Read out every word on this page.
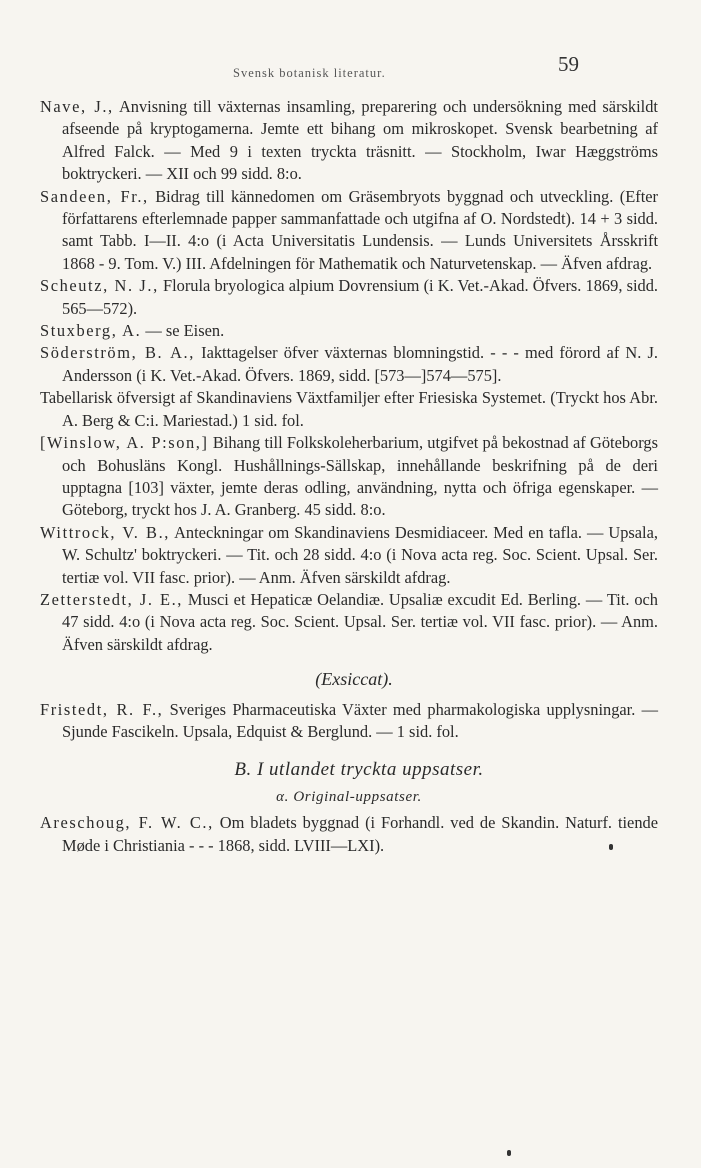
Svensk botanisk literatur.	59

Nave, J., Anvisning till växternas insamling, preparering och undersökning med särskildt afseende på kryptogamerna. Jemte ett bihang om mikroskopet. Svensk bearbetning af Alfred Falck. — Med 9 i texten tryckta träsnitt. — Stockholm, Iwar Hæggströms boktryckeri. — XII och 99 sidd. 8:o.

Sandeen, Fr., Bidrag till kännedomen om Gräsembryots byggnad och utveckling. (Efter författarens efterlemnade papper sammanfattade och utgifna af O. Nordstedt). 14 + 3 sidd. samt Tabb. I—II. 4:o (i Acta Universitatis Lundensis. — Lunds Universitets Årsskrift 1868 - 9. Tom. V.) III. Afdelningen för Mathematik och Naturvetenskap. — Äfven afdrag.

Scheutz, N. J., Florula bryologica alpium Dovrensium (i K. Vet.-Akad. Öfvers. 1869, sidd. 565—572).

Stuxberg, A. — se Eisen.

Söderström, B. A., Iakttagelser öfver växternas blomningstid. - - - med förord af N. J. Andersson (i K. Vet.-Akad. Öfvers. 1869, sidd. [573—]574—575].

Tabellarisk öfversigt af Skandinaviens Växtfamiljer efter Friesiska Systemet. (Tryckt hos Abr. A. Berg & C:i. Mariestad.) 1 sid. fol.

[Winslow, A. P:son,] Bihang till Folkskoleherbarium, utgifvet på bekostnad af Göteborgs och Bohusläns Kongl. Hushållnings-Sällskap, innehållande beskrifning på de deri upptagna [103] växter, jemte deras odling, användning, nytta och öfriga egenskaper. — Göteborg, tryckt hos J. A. Granberg. 45 sidd. 8:o.

Wittrock, V. B., Anteckningar om Skandinaviens Desmidiaceer. Med en tafla. — Upsala, W. Schultz' boktryckeri. — Tit. och 28 sidd. 4:o (i Nova acta reg. Soc. Scient. Upsal. Ser. tertiæ vol. VII fasc. prior). — Anm. Äfven särskildt afdrag.

Zetterstedt, J. E., Musci et Hepaticæ Oelandiæ. Upsaliæ excudit Ed. Berling. — Tit. och 47 sidd. 4:o (i Nova acta reg. Soc. Scient. Upsal. Ser. tertiæ vol. VII fasc. prior). — Anm. Äfven särskildt afdrag.

(Exsiccat).

Fristedt, R. F., Sveriges Pharmaceutiska Växter med pharmakologiska upplysningar. — Sjunde Fascikeln. Upsala, Edquist & Berglund. — 1 sid. fol.

B. I utlandet tryckta uppsatser.
α. Original-uppsatser.

Areschoug, F. W. C., Om bladets byggnad (i Forhandl. ved de Skandin. Naturf. tiende Møde i Christiania - - - 1868, sidd. LVIII—LXI).
